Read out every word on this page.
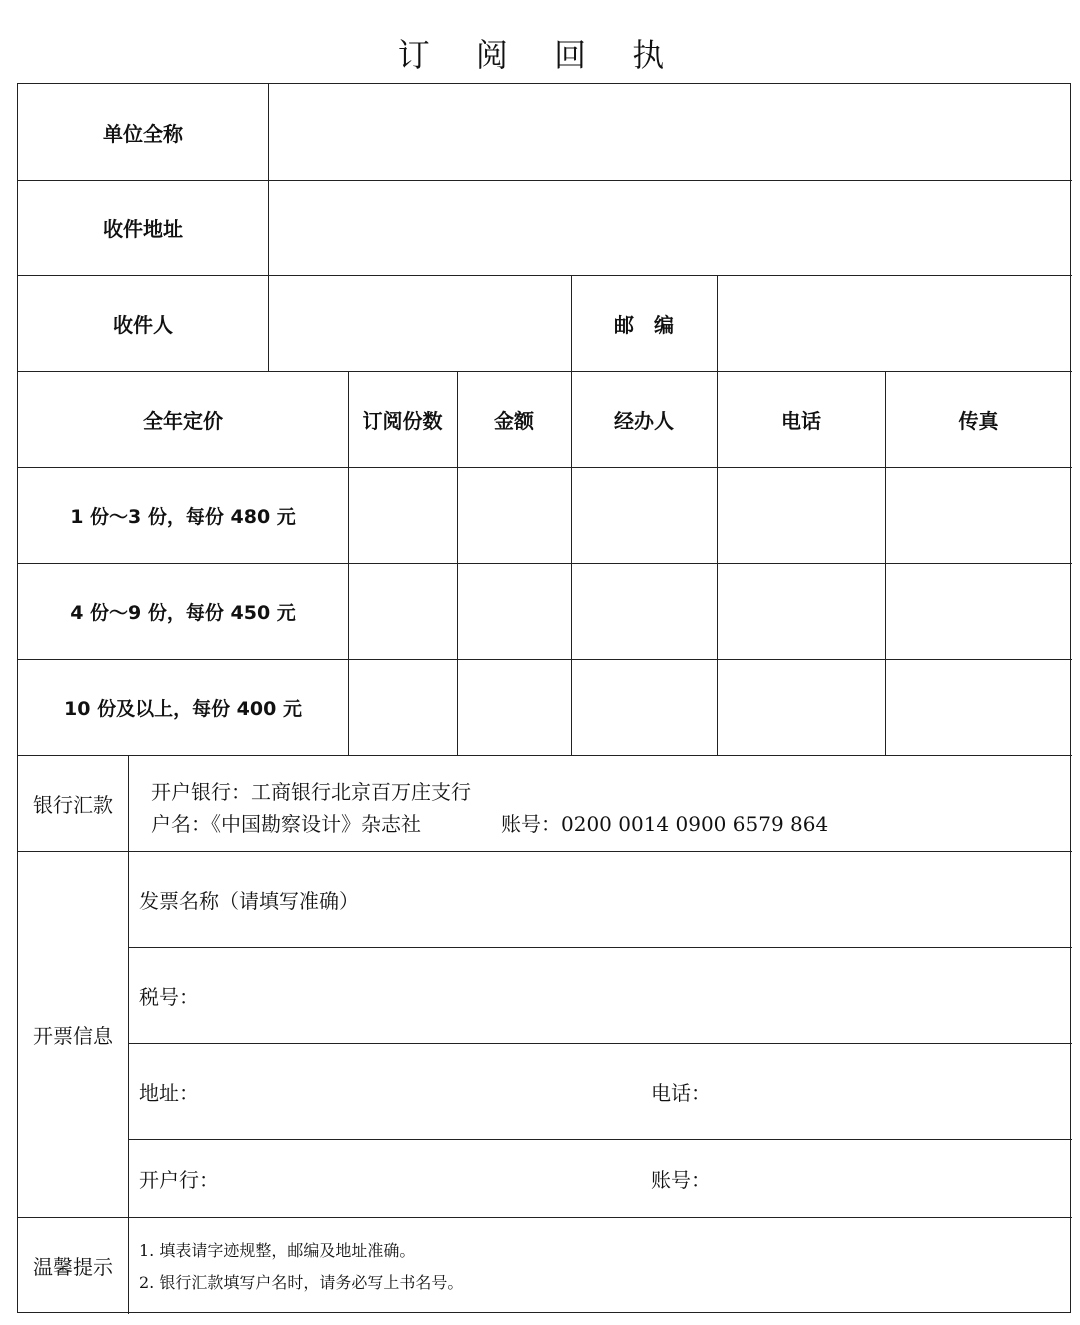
订 阅 回 执
单位全称
收件地址
收件人	邮　编
全年定价	订阅份数	金额	经办人	电话	传真
1 份～3 份，每份 480 元
4 份～9 份，每份 450 元
10 份及以上，每份 400 元
银行汇款
开户银行：工商银行北京百万庄支行
户名：《中国勘察设计》杂志社	账号：0200 0014 0900 6579 864
开票信息
发票名称（请填写准确）
税号：
地址：	电话：
开户行：	账号：
温馨提示
1. 填表请字迹规整，邮编及地址准确。
2. 银行汇款填写户名时，请务必写上书名号。
